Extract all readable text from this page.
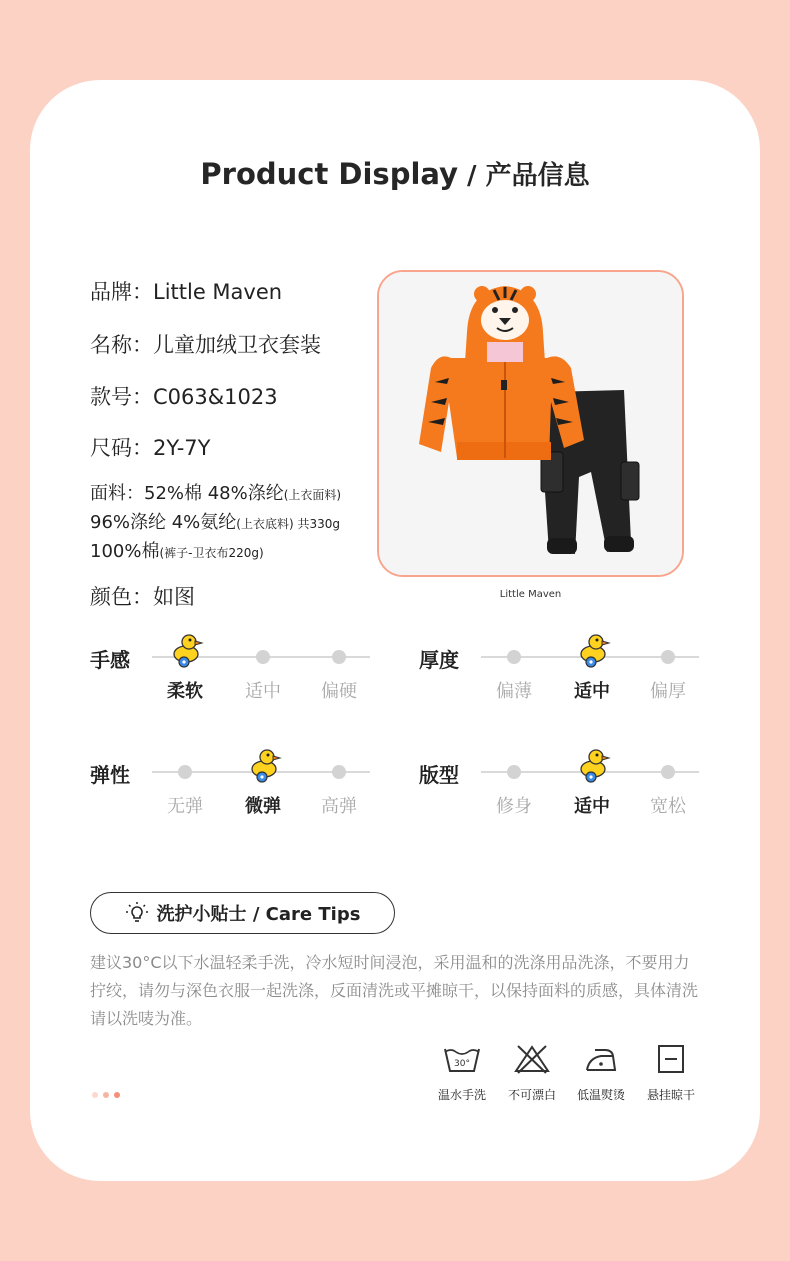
Product Display / 产品信息
品牌：Little Maven
名称：儿童加绒卫衣套装
款号：C063&1023
尺码：2Y-7Y
面料：52%棉 48%涤纶(上衣面料)
96%涤纶 4%氨纶(上衣底料) 共330g
100%棉(裤子-卫衣布220g)
颜色：如图	Little Maven
手感
柔软	适中	偏硬
厚度
偏薄	适中	偏厚
弹性
无弹	微弹	高弹
版型
修身	适中	宽松
洗护小贴士 / Care Tips
建议30°C以下水温轻柔手洗，冷水短时间浸泡，采用温和的洗涤用品洗涤，不要用力拧绞，请勿与深色衣服一起洗涤，反面清洗或平摊晾干，以保持面料的质感，具体清洗请以洗唛为准。
30°
温水手洗	不可漂白	低温熨烫	悬挂晾干
